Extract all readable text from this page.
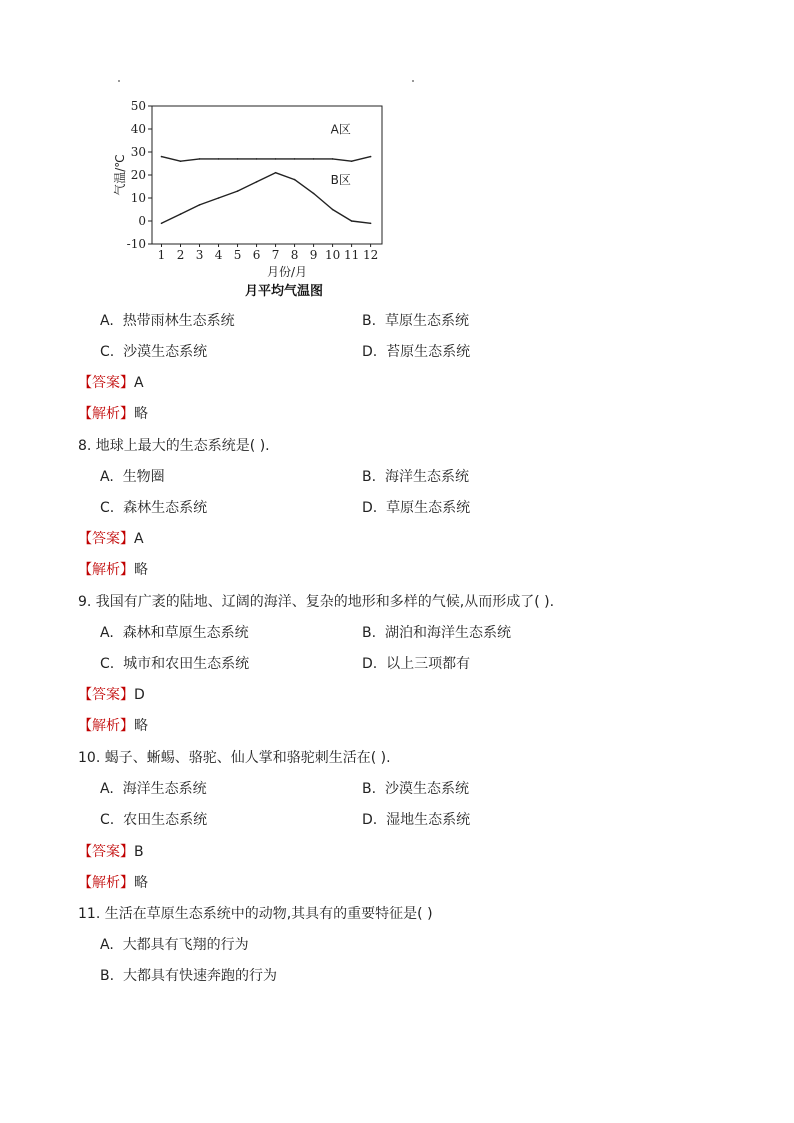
-10
0
10
20
30
40
50
1 2 3 4 5 6 7 8 9 10 11 12
气温/℃
月份/月
A区
B区
月平均气温图
A. 热带雨林生态系统	B. 草原生态系统
C. 沙漠生态系统	D. 苔原生态系统
【答案】A
【解析】略
8. 地球上最大的生态系统是( ).
A. 生物圈	B. 海洋生态系统
C. 森林生态系统	D. 草原生态系统
【答案】A
【解析】略
9. 我国有广袤的陆地、辽阔的海洋、复杂的地形和多样的气候,从而形成了( ).
A. 森林和草原生态系统	B. 湖泊和海洋生态系统
C. 城市和农田生态系统	D. 以上三项都有
【答案】D
【解析】略
10. 蝎子、蜥蜴、骆驼、仙人掌和骆驼刺生活在( ).
A. 海洋生态系统	B. 沙漠生态系统
C. 农田生态系统	D. 湿地生态系统
【答案】B
【解析】略
11. 生活在草原生态系统中的动物,其具有的重要特征是( )
A. 大都具有飞翔的行为
B. 大都具有快速奔跑的行为
